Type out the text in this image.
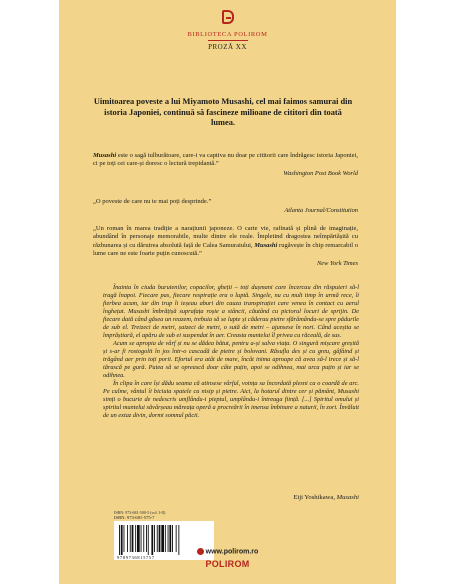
BIBLIOTECA POLIROM
PROZĂ XX
Uimitoarea poveste a lui Miyamoto Musashi, cel mai faimos samurai din istoria Japoniei, continuă să fascineze milioane de cititori din toată lumea.

Musashi este o sagă tulburătoare, care-i va captiva nu doar pe cititorii care îndrăgesc istoria Japoniei, ci pe toți cei care-și doresc o lectură trepidantă.”

Washington Post Book World

„O poveste de care nu te mai poți desprinde.”

Atlanta Journal/Constitution

„Un roman în marea tradiție a narațiunii japoneze. O carte vie, rafinată și plină de imaginație, abundând în personaje memorabile, multe dintre ele reale. Împletind dragostea neîmpărtășită cu răzbunarea și cu dăruirea absolută față de Calea Samuraiului, Musashi rugăvește în chip remarcabil o lume care ne este foarte puțin cunoscută.”

New York Times

Înainta în ciuda buruienilor, copacilor, gheții – toți dușmani care încercau din răsputeri să-l tragă înapoi. Fiecare pas, fiecare respirație era o luptă. Singele, nu cu mult timp în urmă rece, îi fierbea acum, iar din trup îi ieșeau aburi din cauza transpirației care venea în contact cu aerul înghețat. Musashi îmbrățișă suprafața roșie a stâncii, căutând cu piciorul locuri de sprijin. De fiecare dată când găsea un reazem, trebuia să se lupte și căderau pietre sfărâmându-se spre pădurile de sub el. Treizeci de metri, șaizeci de metri, o sută de metri – ajunsese în nori. Când aceștia se împrăștiară, el apăru de sub ei suspendat în aer. Creasta muntelui îl privea cu răceală, de sus.

Acum se apropia de vârf și nu se dădea bătut, pentru a-și salva viața. O singură mișcare greșită și s-ar fi rostogolit în jos într-o cascadă de pietre și bolovani. Răsuflа des și cu greu, gâfâind și trăgând aer prin toți porii. Efortul era atât de mare, încât inima aproape că avea să-l trece și să-l tărască pe gură. Putea să se oprească doar câte puțin, apoi se odihnea, mai urca puțin și iar se odihnea.

În clipa în care își dădu seama că atinsese vârful, voința sa încordată plesni ca o coardă de arc. Pe culme, vântul îi biciuia spatele cu nisip și pietre. Aici, la hotarul dintre cer și pământ, Musashi simți o bucurie de nedescris umflându-i pieptul, umplându-i întreaga ființă. [...] Spiritul omului și spiritul muntelui săvârșeau măreața operă a procreării în imensa îmbinare a naturii, în zori. Învăluit de un extaz divin, dormi somnul păcii.

Eiji Yoshikawa, Musashi
ISBN: 973-681-500-5 (vol. I-II)
ISBN: 973-681-575-7
9789736815757
www.polirom.ro
POLIROM
